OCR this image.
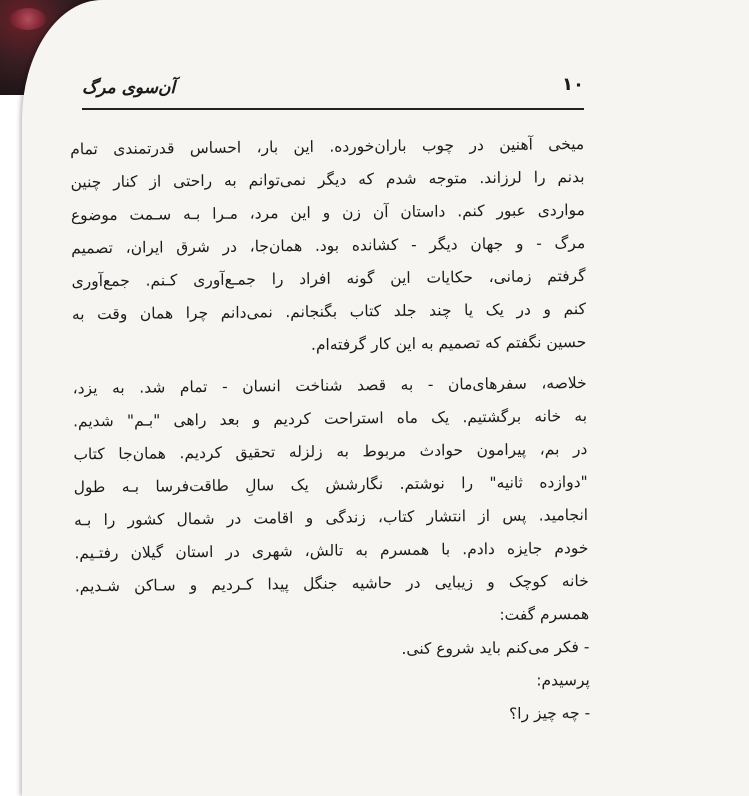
۱۰
آن‌سوی مرگ
میخی آهنین در چوب باران‌خورده. این بار، احساس قدرتمندی تمام
بدنم را لرزاند. متوجه شدم که دیگر نمی‌توانم به راحتی از کنار چنین
مواردی عبور کنم. داستان آن زن و این مرد، مـرا بـه سـمت موضوع
مرگ - و جهان دیگر - کشانده بود. همان‌جا، در شرق ایران، تصمیم
گرفتم زمانی، حکایات این گونه افراد را جمـع‌آوری کـنم. جمع‌آوری
کنم و در یک یا چند جلد کتاب بگنجانم. نمی‌دانم چرا همان وقت به
حسین نگفتم که تصمیم به این کار گرفته‌ام.
خلاصه، سفرهای‌مان - به قصد شناخت انسان - تمام شد. به یزد،
به خانه برگشتیم. یک ماه استراحت کردیم و بعد راهی "بـم" شدیم.
در بم، پیرامون حوادث مربوط به زلزله تحقیق کردیم. همان‌جا کتاب
"دوازده ثانیه" را نوشتم. نگارشش یک سالِ طاقت‌فرسا بـه طول
انجامید. پس از انتشار کتاب، زندگی و اقامت در شمال کشور را بـه
خودم جایزه دادم. با همسرم به تالش، شهری در استان گیلان رفتـیم.
خانه کوچک و زیبایی در حاشیه جنگل پیدا کـردیم و سـاکن شـدیم.
همسرم گفت:
- فکر می‌کنم باید شروع کنی.
پرسیدم:
- چه چیز را؟
